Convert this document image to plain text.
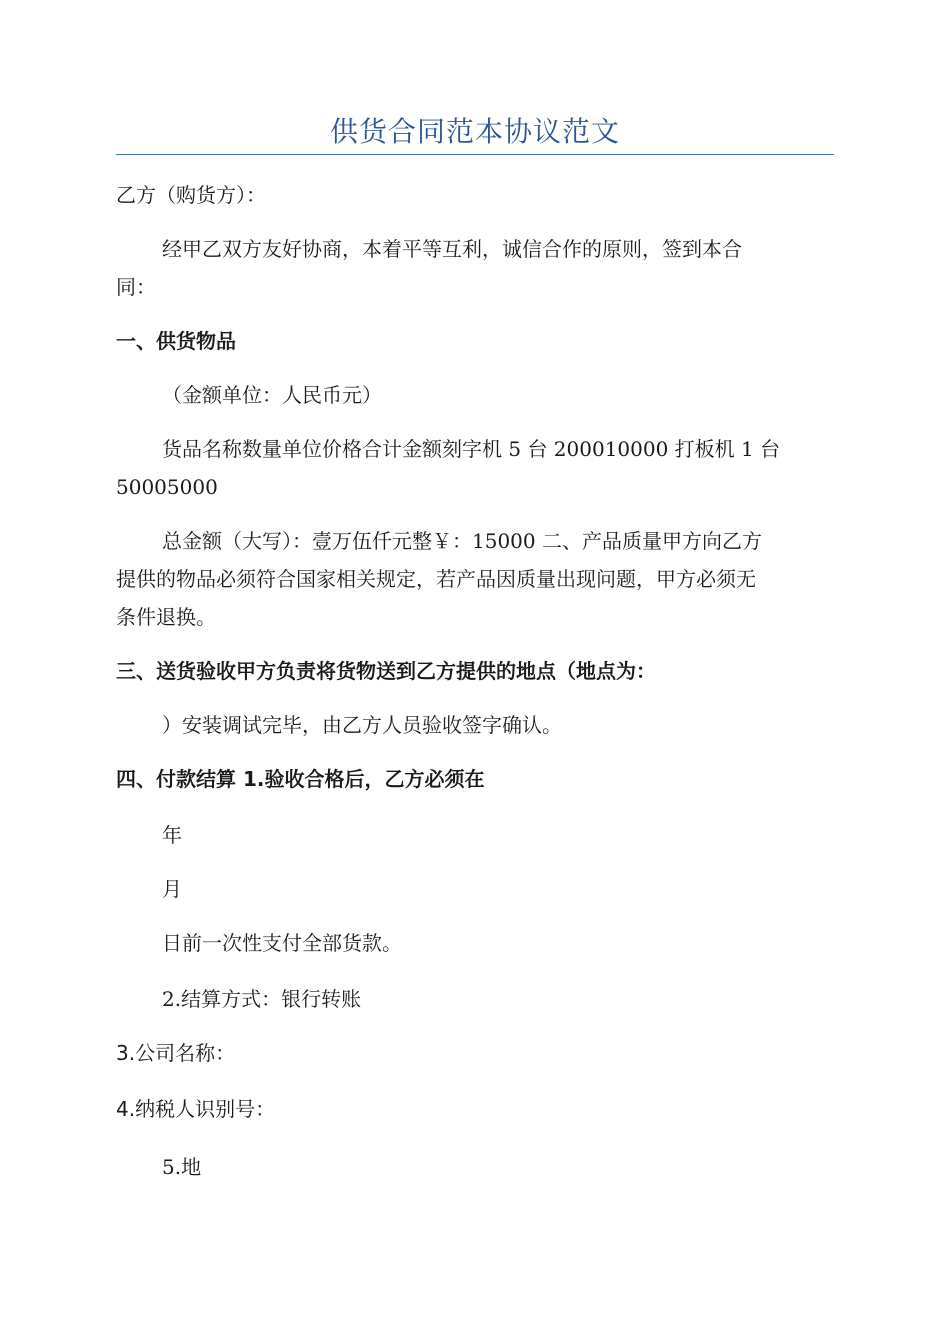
供货合同范本协议范文
乙方（购货方）：
经甲乙双方友好协商，本着平等互利，诚信合作的原则，签到本合
同：
一、供货物品
（金额单位：人民币元）
货品名称数量单位价格合计金额刻字机 5 台 200010000 打板机 1 台
50005000
总金额（大写）：壹万伍仟元整￥：15000 二、产品质量甲方向乙方
提供的物品必须符合国家相关规定，若产品因质量出现问题，甲方必须无
条件退换。
三、送货验收甲方负责将货物送到乙方提供的地点（地点为：
）安装调试完毕，由乙方人员验收签字确认。
四、付款结算 1.验收合格后，乙方必须在
年
月
日前一次性支付全部货款。
2.结算方式：银行转账
3.公司名称：
4.纳税人识别号：
5.地
